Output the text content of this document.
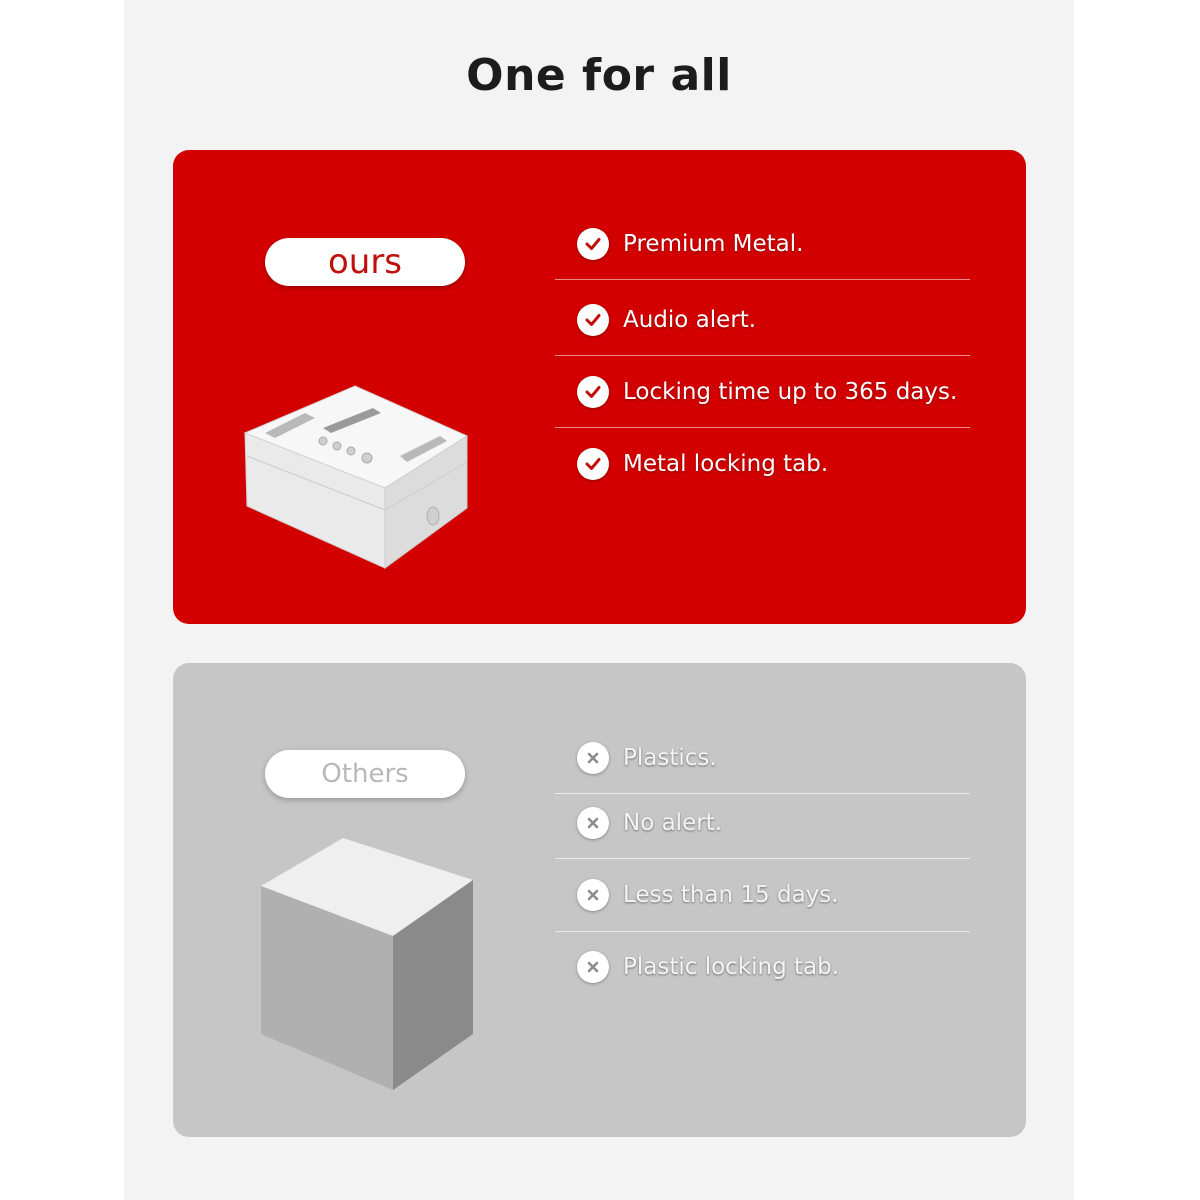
One for all
ours	Premium Metal.
Audio alert.
Locking time up to 365 days.
Metal locking tab.
Others
Plastics.
No alert.
Less than 15 days.
Plastic locking tab.
